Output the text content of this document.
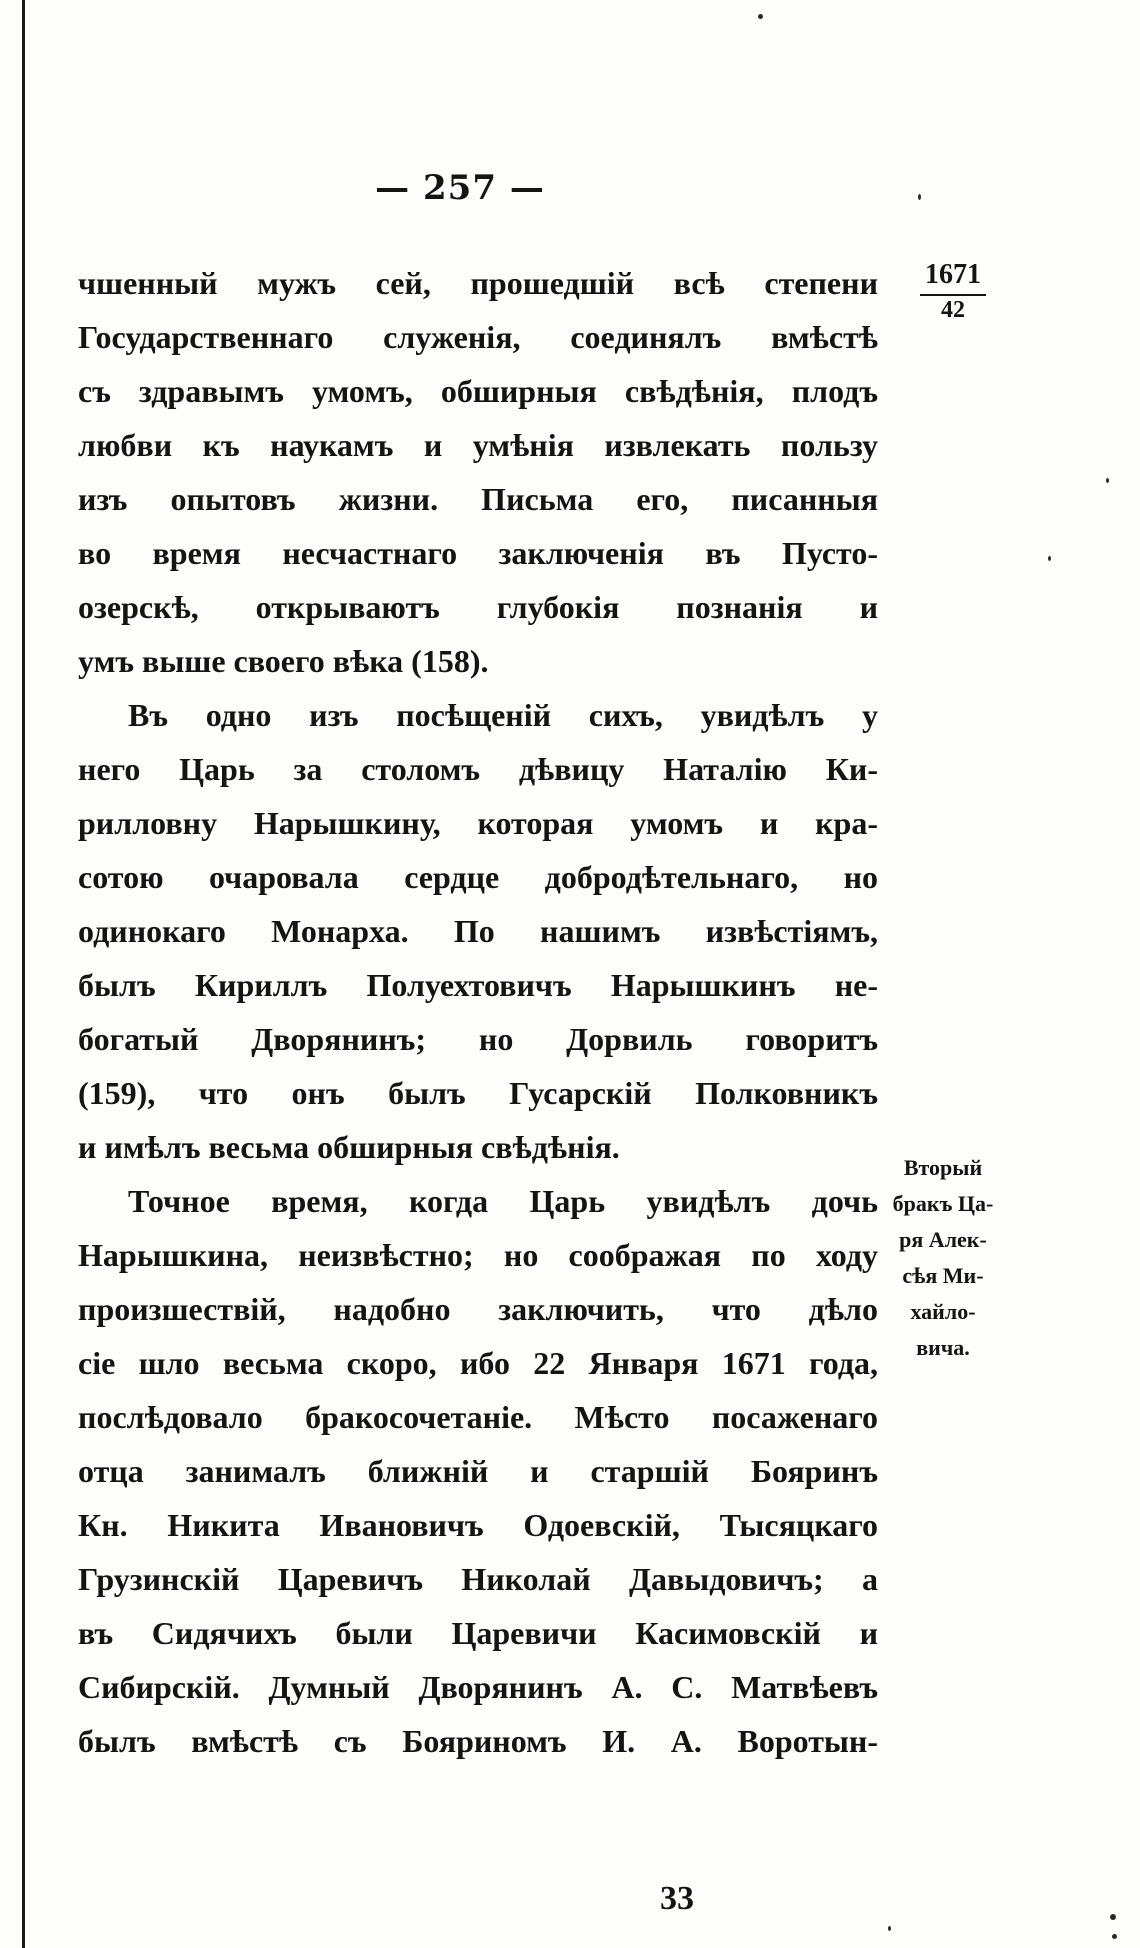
— 257 —
1671
42
Вторый
бракъ Ца-
ря Алек-
сѣя Ми-
хайло-
вича.
чшенный мужъ сей, прошедшій всѣ степени
Государственнаго служенія, соединялъ вмѣстѣ
съ здравымъ умомъ, обширныя свѣдѣнія, плодъ
любви къ наукамъ и умѣнія извлекать пользу
изъ опытовъ жизни. Письма его, писанныя
во время несчастнаго заключенія въ Пусто-
озерскѣ, открываютъ глубокія познанія и
умъ выше своего вѣка (158).
Въ одно изъ посѣщеній сихъ, увидѣлъ у
него Царь за столомъ дѣвицу Наталію Ки-
рилловну Нарышкину, которая умомъ и кра-
сотою очаровала сердце добродѣтельнаго, но
одинокаго Монарха. По нашимъ извѣстіямъ,
былъ Кириллъ Полуехтовичъ Нарышкинъ не-
богатый Дворянинъ; но Дорвиль говоритъ
(159), что онъ былъ Гусарскій Полковникъ
и имѣлъ весьма обширныя свѣдѣнія.
Точное время, когда Царь увидѣлъ дочь
Нарышкина, неизвѣстно; но соображая по ходу
произшествій, надобно заключить, что дѣло
сіе шло весьма скоро, ибо 22 Января 1671 года,
послѣдовало бракосочетаніе. Мѣсто посаженаго
отца занималъ ближній и старшій Бояринъ
Кн. Никита Ивановичъ Одоевскій, Тысяцкаго
Грузинскій Царевичъ Николай Давыдовичъ; а
въ Сидячихъ были Царевичи Касимовскій и
Сибирскій. Думный Дворянинъ А. С. Матвѣевъ
былъ вмѣстѣ съ Бояриномъ И. А. Воротын-
33
